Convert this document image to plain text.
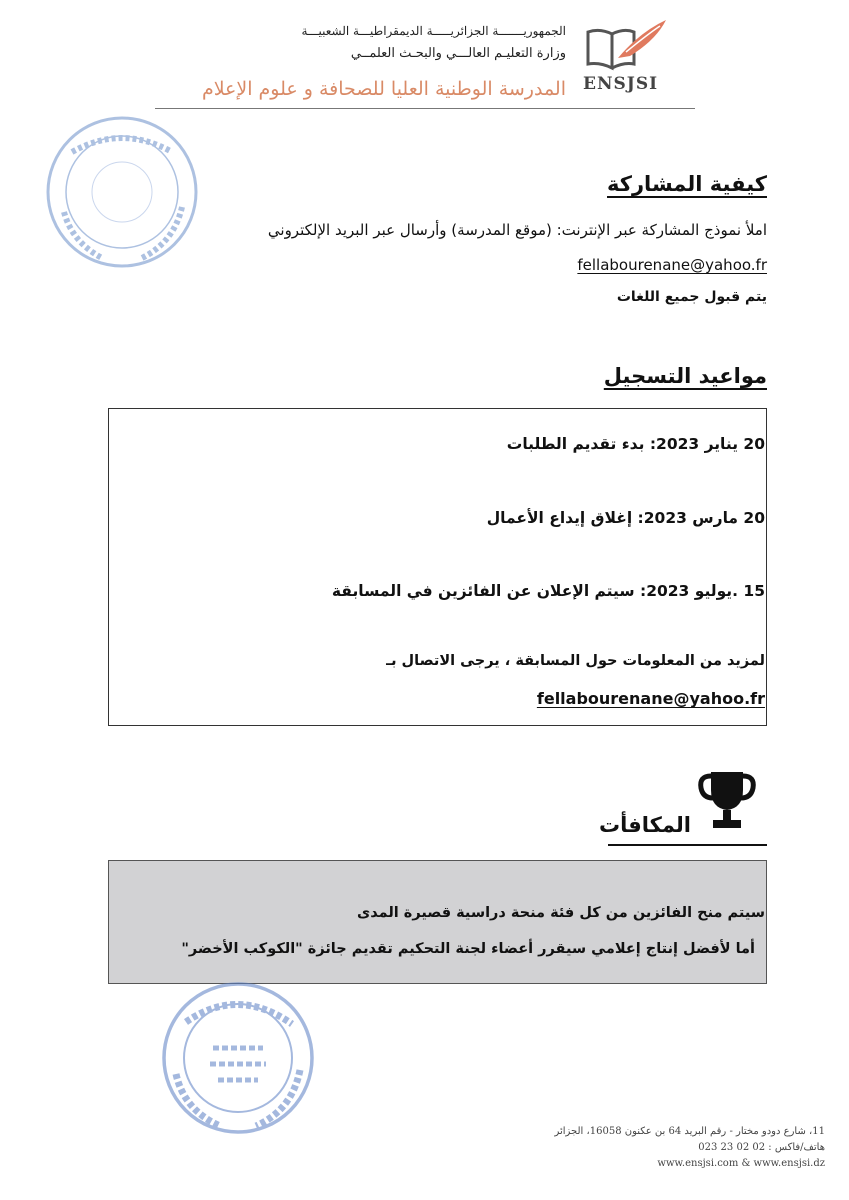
الجمهوريـــــــة الجزائريـــــة الديمقراطيـــة الشعبيـــة
وزارة التعليـم العالـــي والبحـث العلمــي
المدرسة الوطنية العليا للصحافة و علوم الإعلام ENSJSI
كيفية المشاركة
املأ نموذج المشاركة عبر الإنترنت: (موقع المدرسة) وأرسال عبر البريد الإلكتروني
fellabourenane@yahoo.fr
يتم قبول جميع اللغات
مواعيد التسجيل
20 يناير 2023: بدء تقديم الطلبات
20 مارس 2023: إغلاق إيداع الأعمال
15 .يوليو 2023: سيتم الإعلان عن الفائزين في المسابقة
لمزيد من المعلومات حول المسابقة ، يرجى الاتصال بـ
fellabourenane@yahoo.fr
المكافأت
سيتم منح الفائزين من كل فئة منحة دراسية قصيرة المدى
أما لأفضل إنتاج إعلامي سيقرر أعضاء لجنة التحكيم تقديم جائزة "الكوكب الأخضر"
11، شارع دودو مختار - رقم البريد 64 بن عكنون 16058، الجزائر
هاتف/فاكس : 02 02 23 023
www.ensjsi.com & www.ensjsi.dz
